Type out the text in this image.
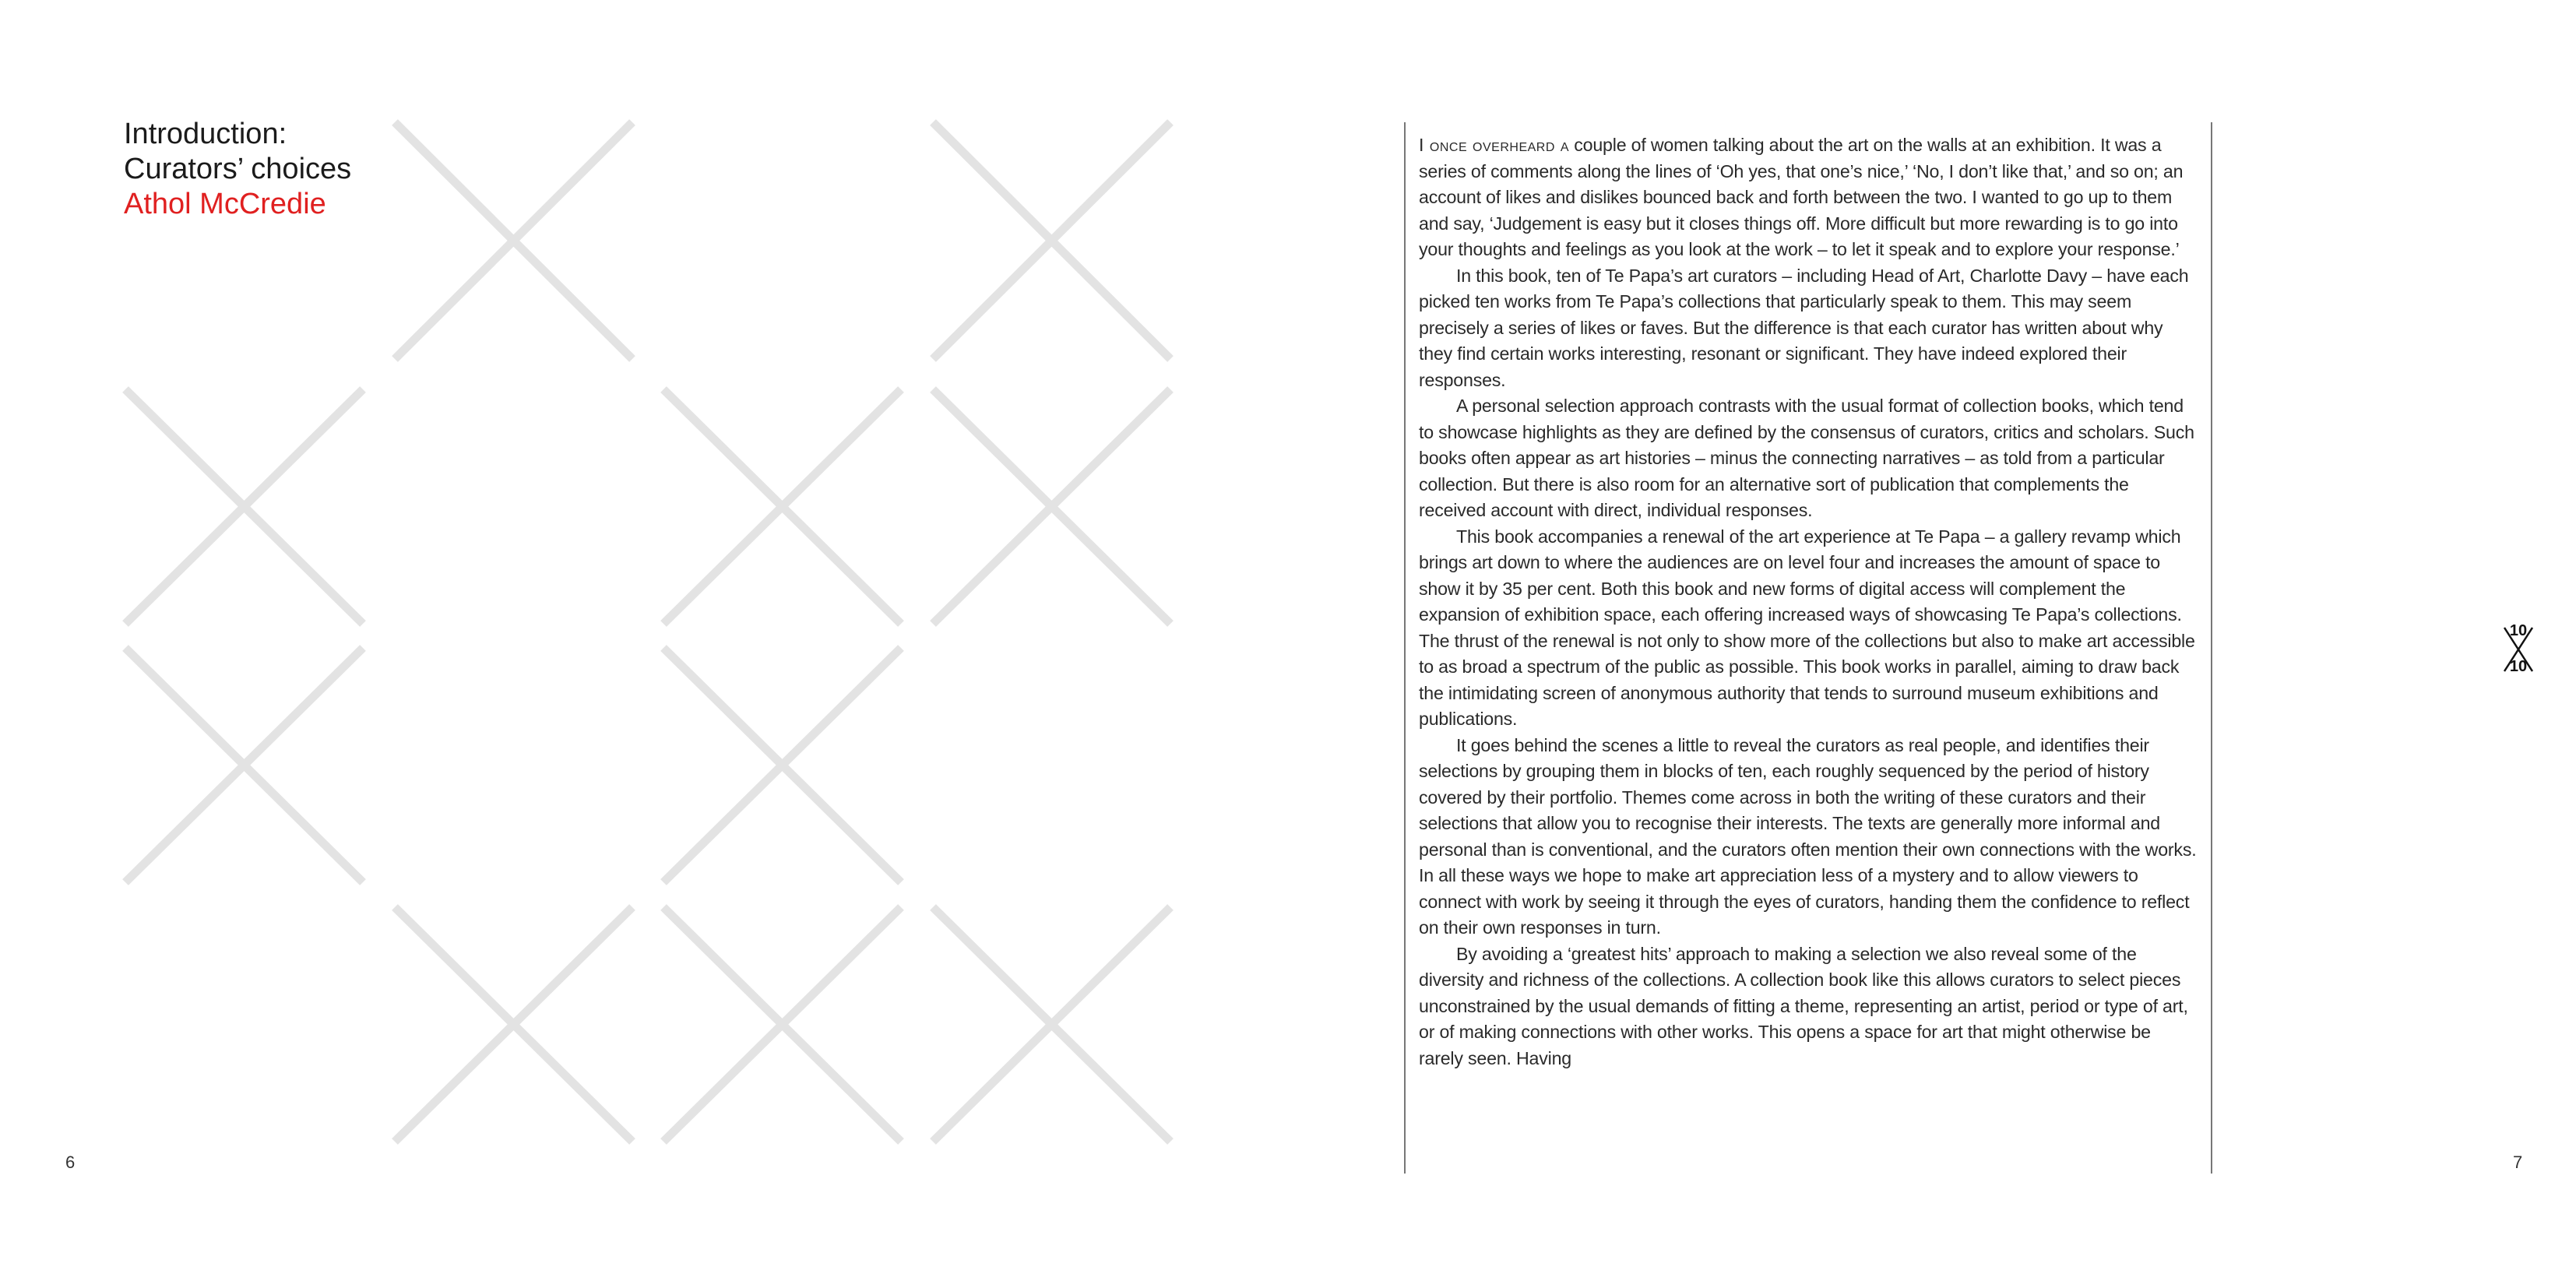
Introduction:
Curators’ choices
Athol McCredie
6

I once overheard a couple of women talking about the art on the walls at an exhibition. It was a series of comments along the lines of ‘Oh yes, that one’s nice,’ ‘No, I don’t like that,’ and so on; an account of likes and dislikes bounced back and forth between the two. I wanted to go up to them and say, ‘Judgement is easy but it closes things off. More difficult but more rewarding is to go into your thoughts and feelings as you look at the work – to let it speak and to explore your response.’

In this book, ten of Te Papa’s art curators – including Head of Art, Charlotte Davy – have each picked ten works from Te Papa’s collections that particularly speak to them. This may seem precisely a series of likes or faves. But the difference is that each curator has written about why they find certain works interesting, resonant or significant. They have indeed explored their responses.

A personal selection approach contrasts with the usual format of collection books, which tend to showcase highlights as they are defined by the consensus of curators, critics and scholars. Such books often appear as art histories – minus the connecting narratives – as told from a particular collection. But there is also room for an alternative sort of publication that complements the received account with direct, individual responses.

This book accompanies a renewal of the art experience at Te Papa – a gallery revamp which brings art down to where the audiences are on level four and increases the amount of space to show it by 35 per cent. Both this book and new forms of digital access will complement the expansion of exhibition space, each offering increased ways of showcasing Te Papa’s collections. The thrust of the renewal is not only to show more of the collections but also to make art accessible to as broad a spectrum of the public as possible. This book works in parallel, aiming to draw back the intimidating screen of anonymous authority that tends to surround museum exhibitions and publications.

It goes behind the scenes a little to reveal the curators as real people, and identifies their selections by grouping them in blocks of ten, each roughly sequenced by the period of history covered by their portfolio. Themes come across in both the writing of these curators and their selections that allow you to recognise their interests. The texts are generally more informal and personal than is conventional, and the curators often mention their own connections with the works. In all these ways we hope to make art appreciation less of a mystery and to allow viewers to connect with work by seeing it through the eyes of curators, handing them the confidence to reflect on their own responses in turn.

By avoiding a ‘greatest hits’ approach to making a selection we also reveal some of the diversity and richness of the collections. A collection book like this allows curators to select pieces unconstrained by the usual demands of fitting a theme, representing an artist, period or type of art, or of making connections with other works. This opens a space for art that might otherwise be rarely seen. Having

10
10
7
